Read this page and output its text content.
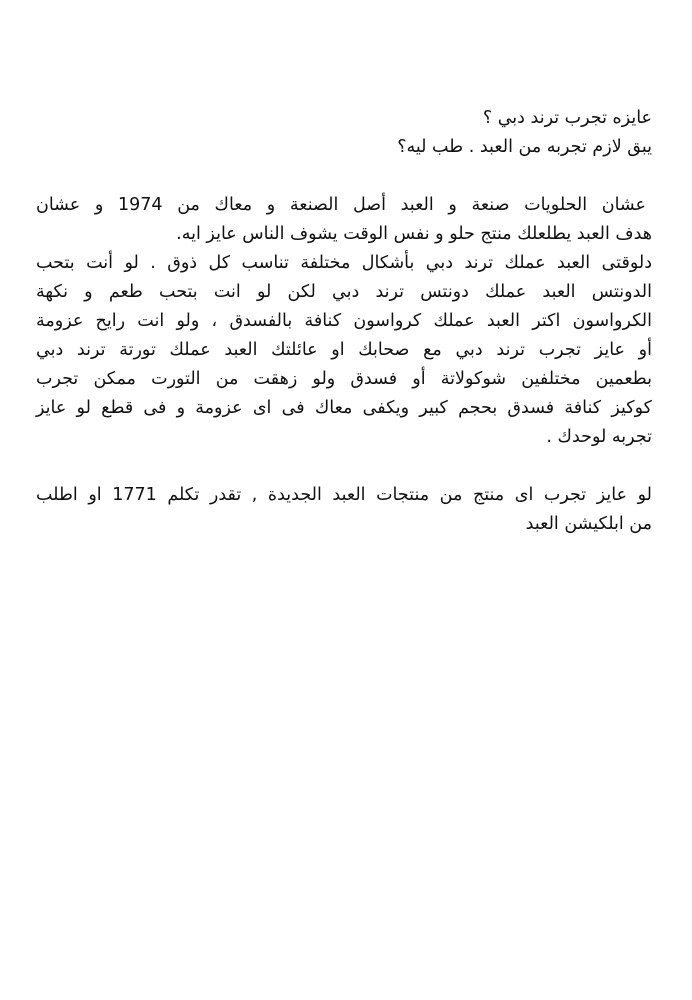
عايزه تجرب ترند دبي ؟
يبق لازم تجربه من العبد . طب ليه؟
عشان الحلويات صنعة و العبد أصل الصنعة و معاك من 1974 و عشان
هدف العبد يطلعلك منتج حلو و نفس الوقت يشوف الناس عايز ايه.
دلوقتى العبد عملك ترند دبي بأشكال مختلفة تناسب كل ذوق . لو أنت بتحب
الدونتس العبد عملك دونتس ترند دبي لكن لو انت بتحب طعم و نكهة
الكرواسون اكتر العبد عملك كرواسون كنافة بالفسدق ، ولو انت رايح عزومة
أو عايز تجرب ترند دبي مع صحابك او عائلتك العبد عملك تورتة ترند دبي
بطعمين مختلفين شوكولاتة أو فسدق ولو زهقت من التورت ممكن تجرب
كوكيز كنافة فسدق بحجم كبير ويكفى معاك فى اى عزومة و فى قطع لو عايز
تجربه لوحدك .
لو عايز تجرب اى منتج من منتجات العبد الجديدة , تقدر تكلم 1771 او اطلب
من ابلكيشن العبد
